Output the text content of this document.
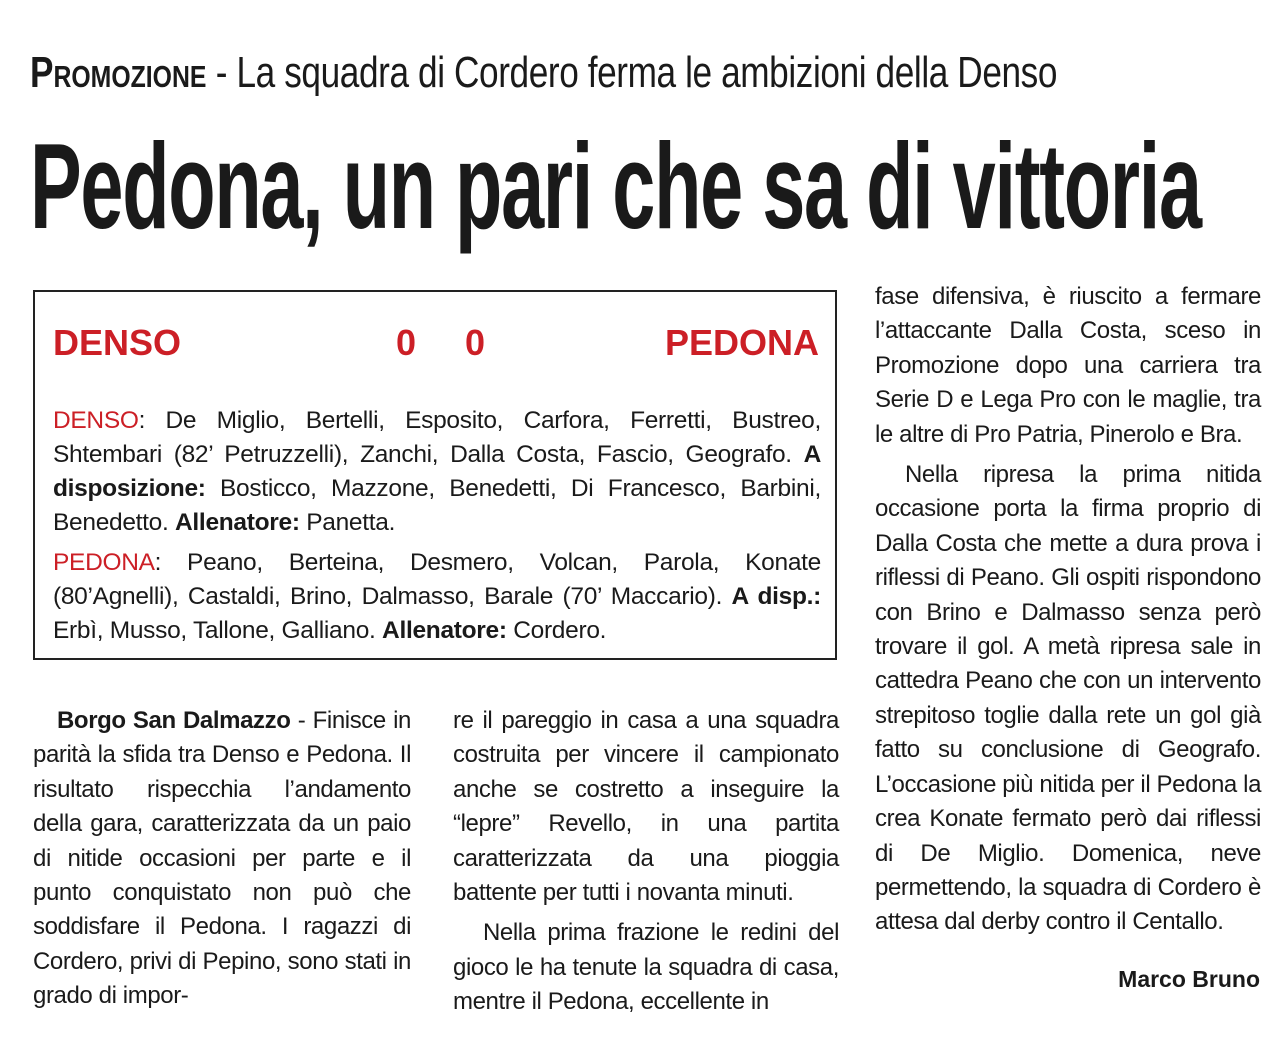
Promozione - La squadra di Cordero ferma le ambizioni della Denso
Pedona, un pari che sa di vittoria
DENSO	0 0	PEDONA

DENSO: De Miglio, Bertelli, Esposito, Carfora, Ferretti, Bustreo, Shtembari (82’ Petruzzelli), Zanchi, Dalla Costa, Fascio, Geografo. A disposizione: Bosticco, Mazzone, Benedetti, Di Francesco, Barbini, Benedetto. Allenatore: Panetta.

PEDONA: Peano, Berteina, Desmero, Volcan, Parola, Konate (80’Agnelli), Castaldi, Brino, Dalmasso, Barale (70’ Maccario). A disp.: Erbì, Musso, Tallone, Galliano. Allenatore: Cordero.

Borgo San Dalmazzo - Finisce in parità la sfida tra Denso e Pedona. Il risultato rispecchia l’andamento della gara, caratterizzata da un paio di nitide occasioni per parte e il punto conquistato non può che soddisfare il Pedona. I ragazzi di Cordero, privi di Pepino, sono stati in grado di impor-

re il pareggio in casa a una squadra costruita per vincere il campionato anche se costretto a inseguire la “lepre” Revello, in una partita caratterizzata da una pioggia battente per tutti i novanta minuti.

Nella prima frazione le redini del gioco le ha tenute la squadra di casa, mentre il Pedona, eccellente in

fase difensiva, è riuscito a fermare l’attaccante Dalla Costa, sceso in Promozione dopo una carriera tra Serie D e Lega Pro con le maglie, tra le altre di Pro Patria, Pinerolo e Bra.

Nella ripresa la prima nitida occasione porta la firma proprio di Dalla Costa che mette a dura prova i riflessi di Peano. Gli ospiti rispondono con Brino e Dalmasso senza però trovare il gol. A metà ripresa sale in cattedra Peano che con un intervento strepitoso toglie dalla rete un gol già fatto su conclusione di Geografo. L’occasione più nitida per il Pedona la crea Konate fermato però dai riflessi di De Miglio. Domenica, neve permettendo, la squadra di Cordero è attesa dal derby contro il Centallo.

Marco Bruno
